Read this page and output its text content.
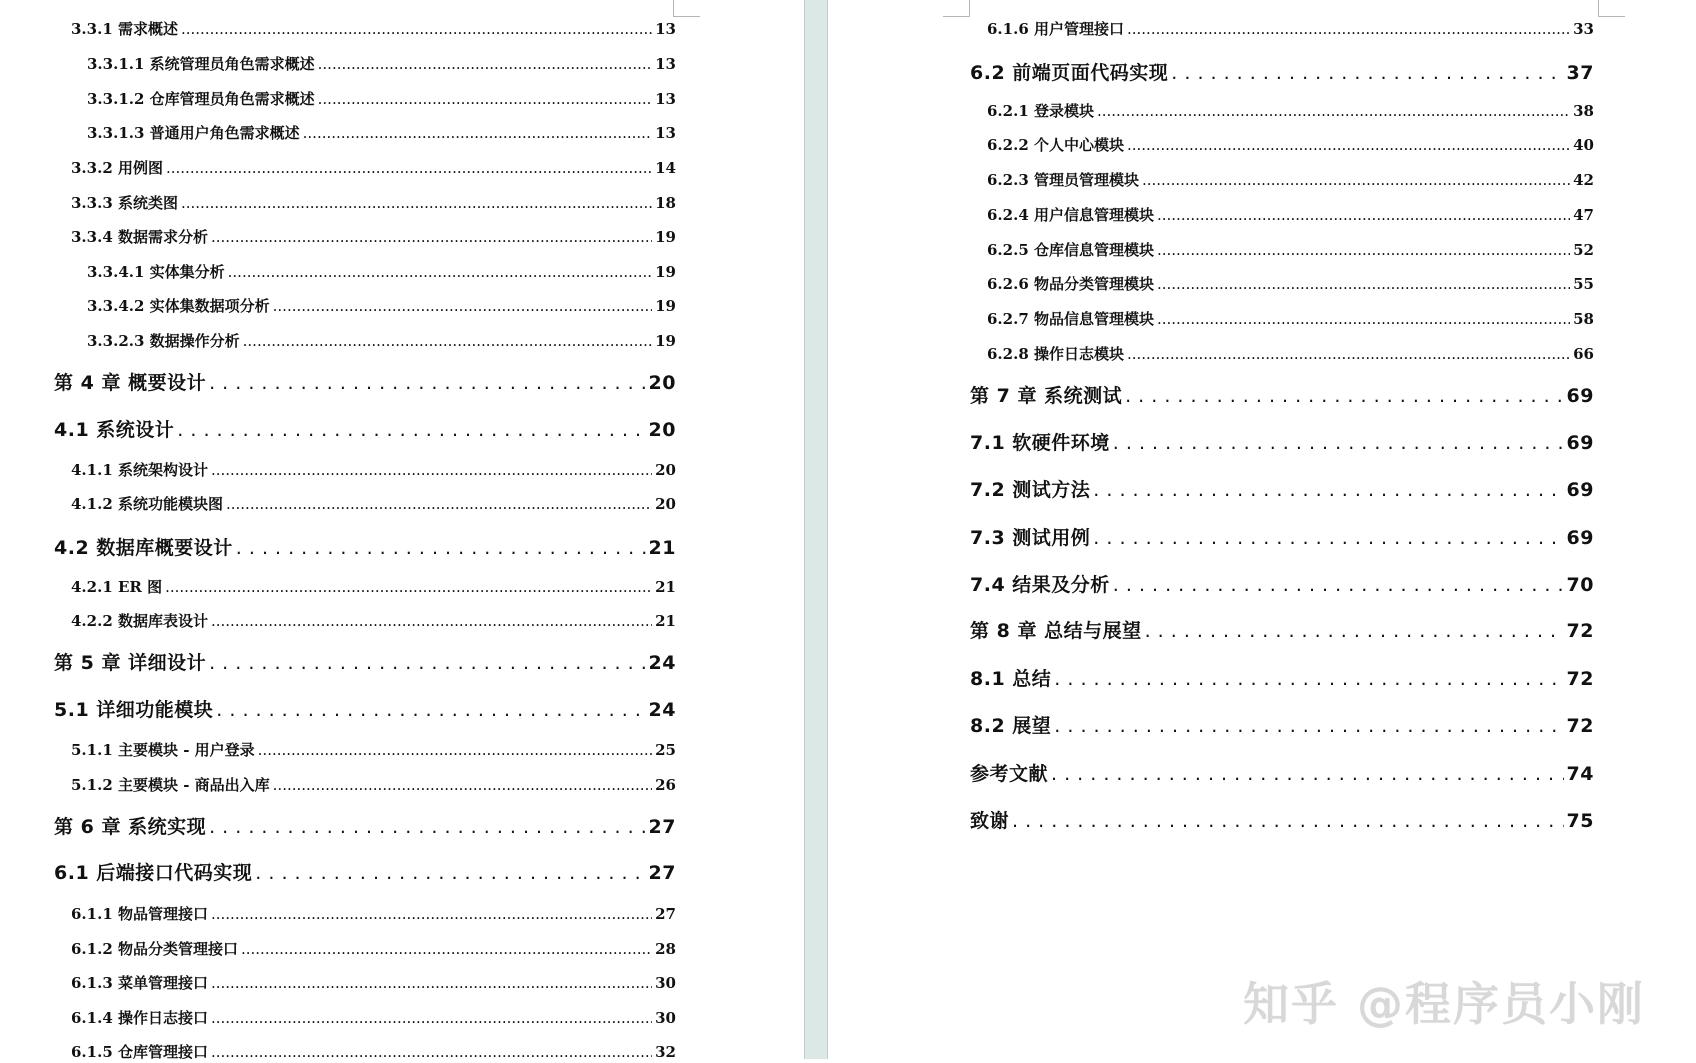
知乎 @程序员小刚
3.3.1 需求概述 .....	13
3.3.1.1 系统管理员角色需求概述 .....	13
3.3.1.2 仓库管理员角色需求概述 .....	13
3.3.1.3 普通用户角色需求概述 .....	13
3.3.2 用例图 .....	14
3.3.3 系统类图 .....	18
3.3.4 数据需求分析 .....	19
3.3.4.1 实体集分析 .....	19
3.3.4.2 实体集数据项分析 .....	19
3.3.2.3 数据操作分析 .....	19
第 4 章 概要设计 . . .	20
4.1 系统设计 . . .	20
4.1.1 系统架构设计 .....	20
4.1.2 系统功能模块图 .....	20
4.2 数据库概要设计 . . .	21
4.2.1 ER 图 .....	21
4.2.2 数据库表设计 .....	21
第 5 章 详细设计 . . .	24
5.1 详细功能模块 . . .	24
5.1.1 主要模块 - 用户登录 .....	25
5.1.2 主要模块 - 商品出入库 .....	26
第 6 章 系统实现 . . .	27
6.1 后端接口代码实现 . . .	27
6.1.1 物品管理接口 .....	27
6.1.2 物品分类管理接口 .....	28
6.1.3 菜单管理接口 .....	30
6.1.4 操作日志接口 .....	30
6.1.5 仓库管理接口 .....	32
6.1.6 用户管理接口 .....	33
6.2 前端页面代码实现 . . .	37
6.2.1 登录模块 .....	38
6.2.2 个人中心模块 .....	40
6.2.3 管理员管理模块 .....	42
6.2.4 用户信息管理模块 .....	47
6.2.5 仓库信息管理模块 .....	52
6.2.6 物品分类管理模块 .....	55
6.2.7 物品信息管理模块 .....	58
6.2.8 操作日志模块 .....	66
第 7 章 系统测试 . . .	69
7.1 软硬件环境 . . .	69
7.2 测试方法 . . .	69
7.3 测试用例 . . .	69
7.4 结果及分析 . . .	70
第 8 章 总结与展望 . . .	72
8.1 总结 . . .	72
8.2 展望 . . .	72
参考文献 . . .	74
致谢 . . .	75
